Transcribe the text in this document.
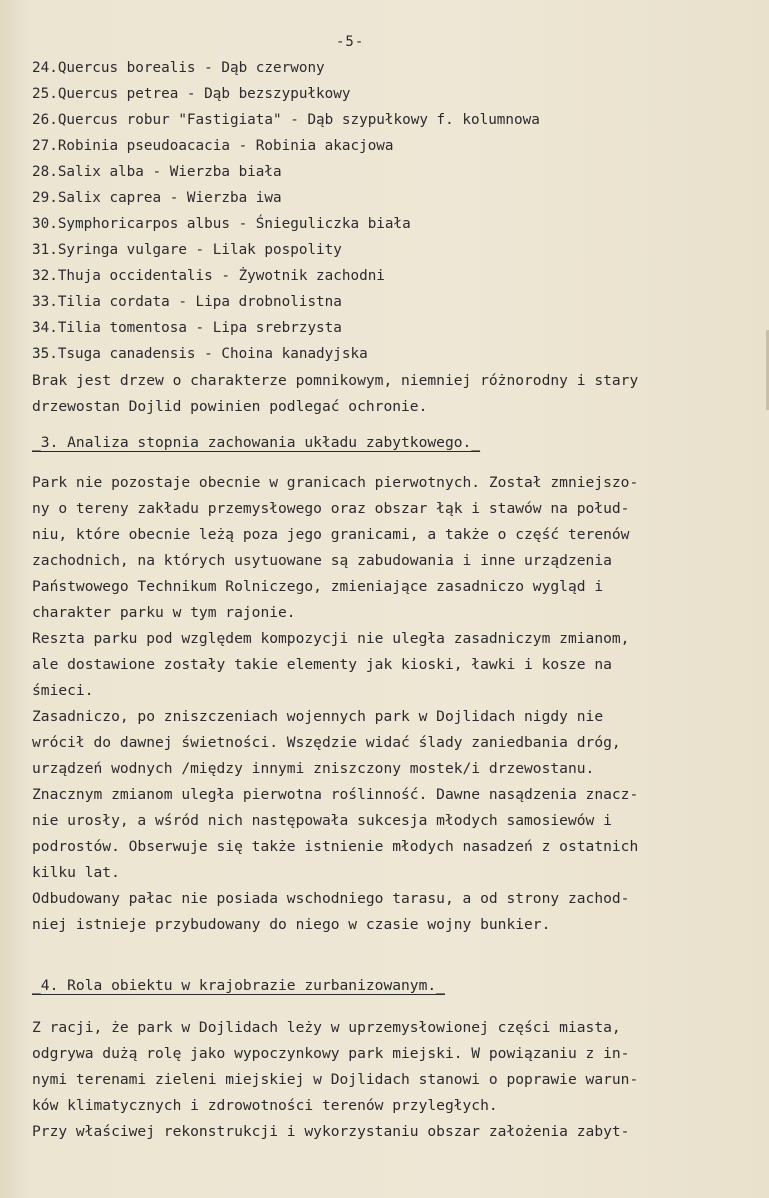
-5-
24.Quercus borealis - Dąb czerwony
25.Quercus petrea - Dąb bezszypułkowy
26.Quercus robur "Fastigiata" - Dąb szypułkowy f. kolumnowa
27.Robinia pseudoacacia - Robinia akacjowa
28.Salix alba - Wierzba biała
29.Salix caprea - Wierzba iwa
30.Symphoricarpos albus - Śnieguliczka biała
31.Syringa vulgare - Lilak pospolity
32.Thuja occidentalis - Żywotnik zachodni
33.Tilia cordata - Lipa drobnolistna
34.Tilia tomentosa - Lipa srebrzysta
35.Tsuga canadensis - Choina kanadyjska

Brak jest drzew o charakterze pomnikowym, niemniej różnorodny i stary

drzewostan Dojlid powinien podlegać ochronie.

_3. Analiza stopnia zachowania układu zabytkowego._

Park nie pozostaje obecnie w granicach pierwotnych. Został zmniejszo-

ny o tereny zakładu przemysłowego oraz obszar łąk i stawów na połud-

niu, które obecnie leżą poza jego granicami, a także o część terenów

zachodnich, na których usytuowane są zabudowania i inne urządzenia

Państwowego Technikum Rolniczego, zmieniające zasadniczo wygląd i

charakter parku w tym rajonie.

Reszta parku pod względem kompozycji nie uległa zasadniczym zmianom,

ale dostawione zostały takie elementy jak kioski, ławki i kosze na

śmieci.

Zasadniczo, po zniszczeniach wojennych park w Dojlidach nigdy nie

wrócił do dawnej świetności. Wszędzie widać ślady zaniedbania dróg,

urządzeń wodnych /między innymi zniszczony mostek/i drzewostanu.

Znacznym zmianom uległa pierwotna roślinność. Dawne nasądzenia znacz-

nie urosły, a wśród nich następowała sukcesja młodych samosiewów i

podrostów. Obserwuje się także istnienie młodych nasadzeń z ostatnich

kilku lat.

Odbudowany pałac nie posiada wschodniego tarasu, a od strony zachod-

niej istnieje przybudowany do niego w czasie wojny bunkier.

_4. Rola obiektu w krajobrazie zurbanizowanym._

Z racji, że park w Dojlidach leży w uprzemysłowionej części miasta,

odgrywa dużą rolę jako wypoczynkowy park miejski. W powiązaniu z in-

nymi terenami zieleni miejskiej w Dojlidach stanowi o poprawie warun-

ków klimatycznych i zdrowotności terenów przyległych.

Przy właściwej rekonstrukcji i wykorzystaniu obszar założenia zabyt-
